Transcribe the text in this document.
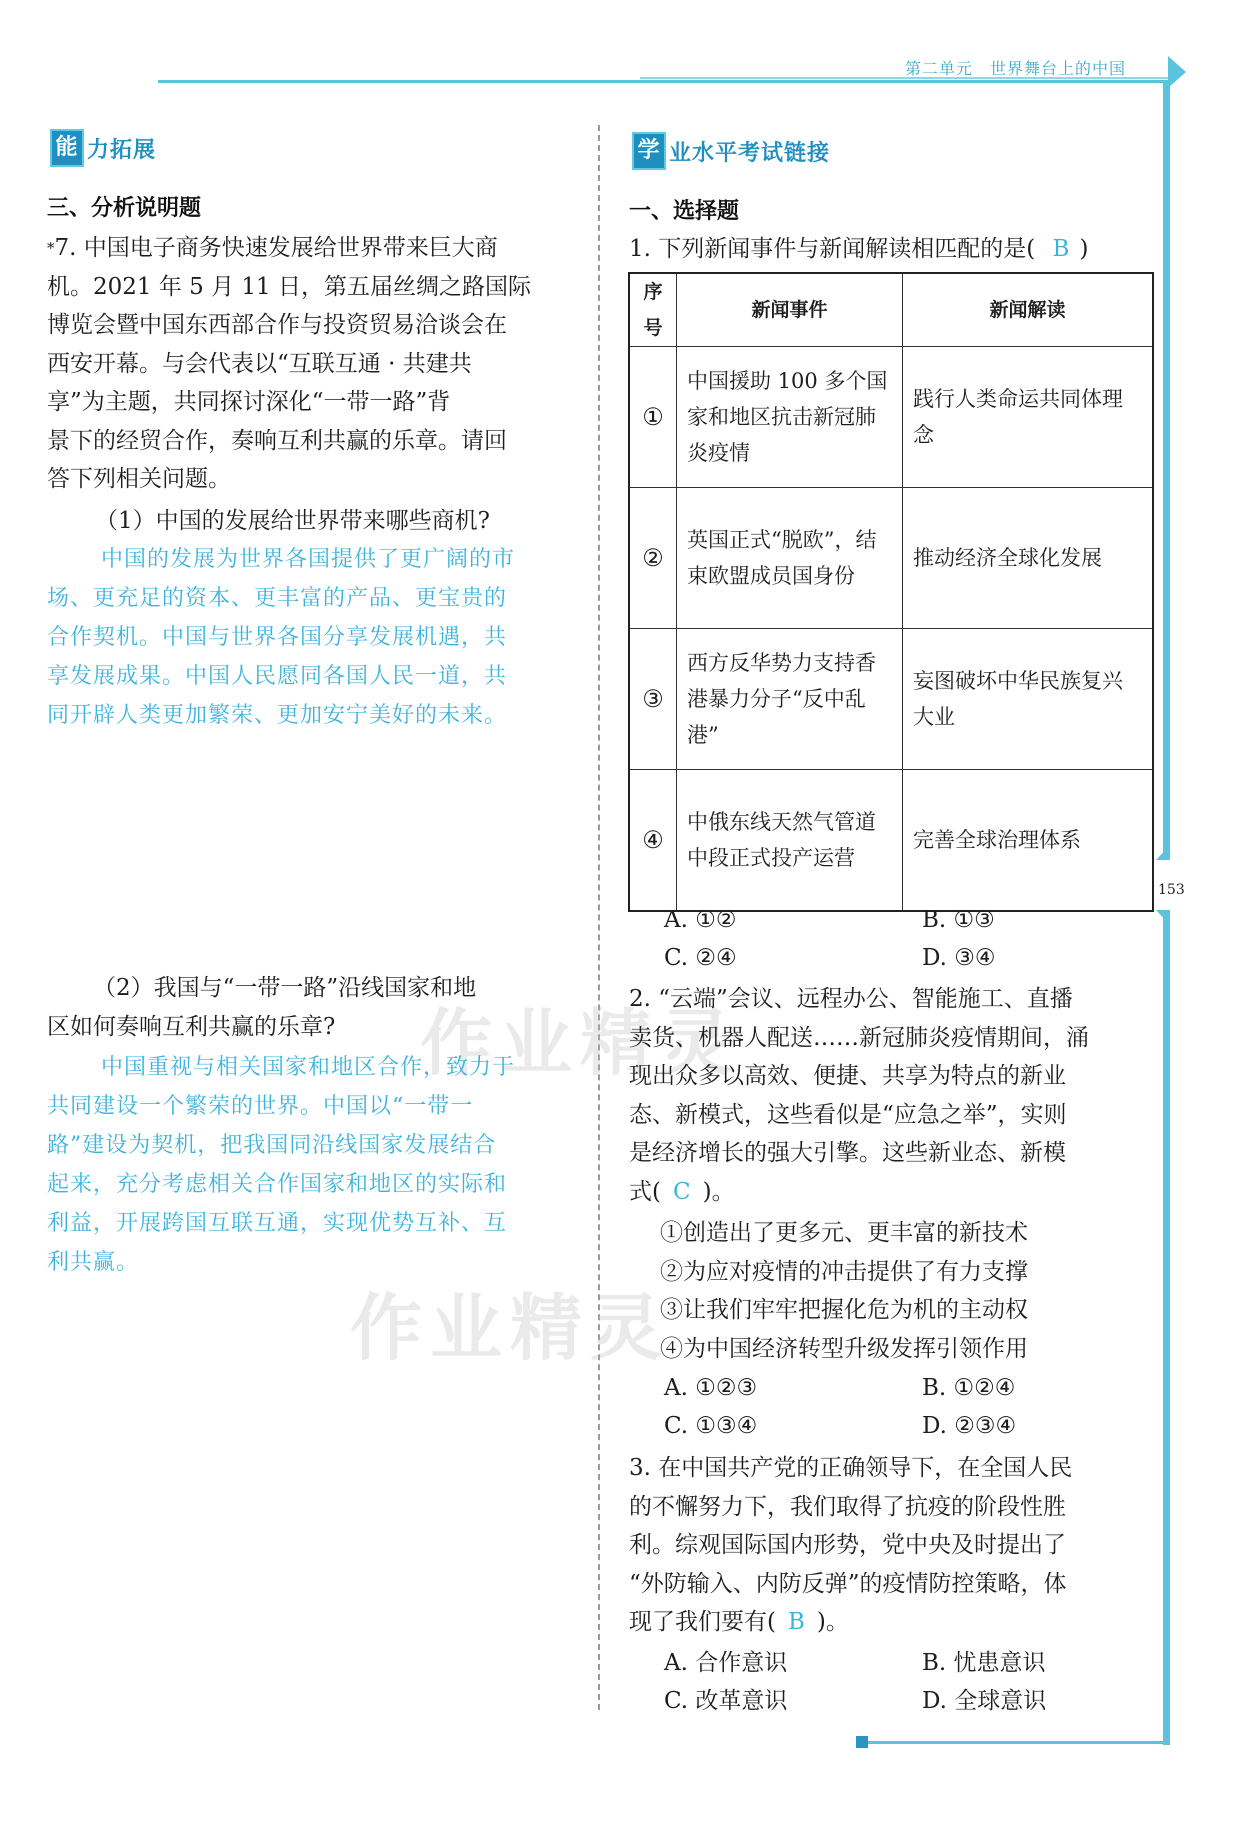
第二单元　世界舞台上的中国
153
作业精灵
作业精灵
能 力拓展
三、分析说明题
*7. 中国电子商务快速发展给世界带来巨大商
机。2021 年 5 月 11 日，第五届丝绸之路国际
博览会暨中国东西部合作与投资贸易洽谈会在
西安开幕。与会代表以“互联互通 · 共建共
享”为主题，共同探讨深化“一带一路”背
景下的经贸合作，奏响互利共赢的乐章。请回
答下列相关问题。
（1）中国的发展给世界带来哪些商机?
中国的发展为世界各国提供了更广阔的市
场、更充足的资本、更丰富的产品、更宝贵的
合作契机。中国与世界各国分享发展机遇，共
享发展成果。中国人民愿同各国人民一道，共
同开辟人类更加繁荣、更加安宁美好的未来。
（2）我国与“一带一路”沿线国家和地
区如何奏响互利共赢的乐章?
中国重视与相关国家和地区合作，致力于
共同建设一个繁荣的世界。中国以“一带一
路”建设为契机，把我国同沿线国家发展结合
起来，充分考虑相关合作国家和地区的实际和
利益，开展跨国互联互通，实现优势互补、互
利共赢。
学 业水平考试链接
一、选择题
1. 下列新闻事件与新闻解读相匹配的是( B )
序号	新闻事件	新闻解读
①	中国援助 100 多个国家和地区抗击新冠肺炎疫情	践行人类命运共同体理念
②	英国正式“脱欧”，结束欧盟成员国身份	推动经济全球化发展
③	西方反华势力支持香港暴力分子“反中乱港”	妄图破坏中华民族复兴大业
④	中俄东线天然气管道中段正式投产运营	完善全球治理体系
A. ①②	B. ①③
C. ②④	D. ③④
2. “云端”会议、远程办公、智能施工、直播
卖货、机器人配送……新冠肺炎疫情期间，涌
现出众多以高效、便捷、共享为特点的新业
态、新模式，这些看似是“应急之举”，实则
是经济增长的强大引擎。这些新业态、新模
式( C )。
①创造出了更多元、更丰富的新技术
②为应对疫情的冲击提供了有力支撑
③让我们牢牢把握化危为机的主动权
④为中国经济转型升级发挥引领作用
A. ①②③	B. ①②④
C. ①③④	D. ②③④
3. 在中国共产党的正确领导下，在全国人民
的不懈努力下，我们取得了抗疫的阶段性胜
利。综观国际国内形势，党中央及时提出了
“外防输入、内防反弹”的疫情防控策略，体
现了我们要有( B )。
A. 合作意识	B. 忧患意识
C. 改革意识	D. 全球意识
